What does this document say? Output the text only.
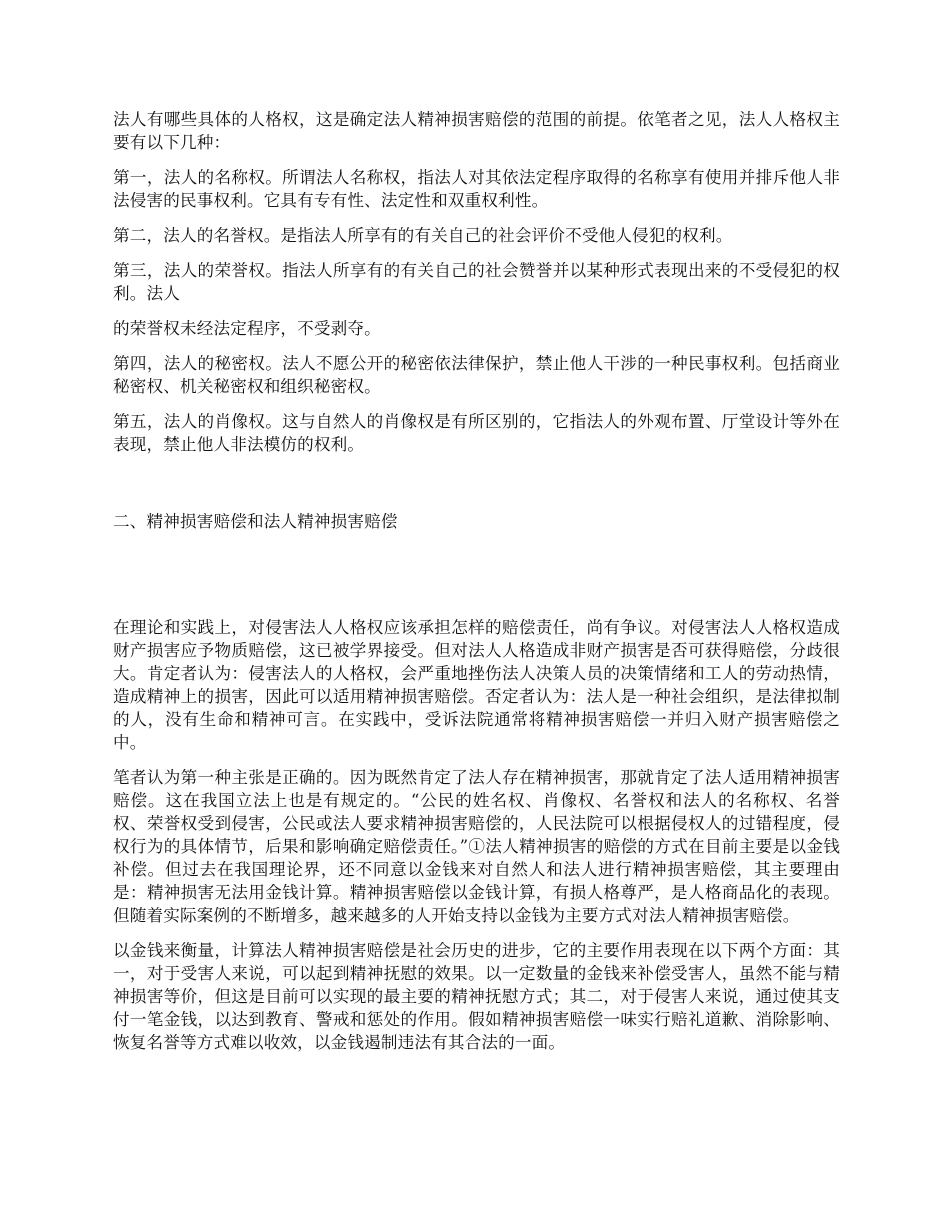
法人有哪些具体的人格权，这是确定法人精神损害赔偿的范围的前提。依笔者之见，法人人格权主要有以下几种：

第一，法人的名称权。所谓法人名称权，指法人对其依法定程序取得的名称享有使用并排斥他人非法侵害的民事权利。它具有专有性、法定性和双重权利性。

第二，法人的名誉权。是指法人所享有的有关自己的社会评价不受他人侵犯的权利。

第三，法人的荣誉权。指法人所享有的有关自己的社会赞誉并以某种形式表现出来的不受侵犯的权利。法人

的荣誉权未经法定程序，不受剥夺。

第四，法人的秘密权。法人不愿公开的秘密依法律保护，禁止他人干涉的一种民事权利。包括商业秘密权、机关秘密权和组织秘密权。

第五，法人的肖像权。这与自然人的肖像权是有所区别的，它指法人的外观布置、厅堂设计等外在表现，禁止他人非法模仿的权利。

二、精神损害赔偿和法人精神损害赔偿

在理论和实践上，对侵害法人人格权应该承担怎样的赔偿责任，尚有争议。对侵害法人人格权造成财产损害应予物质赔偿，这已被学界接受。但对法人人格造成非财产损害是否可获得赔偿，分歧很大。肯定者认为：侵害法人的人格权，会严重地挫伤法人决策人员的决策情绪和工人的劳动热情，造成精神上的损害，因此可以适用精神损害赔偿。否定者认为：法人是一种社会组织，是法律拟制的人，没有生命和精神可言。在实践中，受诉法院通常将精神损害赔偿一并归入财产损害赔偿之中。

笔者认为第一种主张是正确的。因为既然肯定了法人存在精神损害，那就肯定了法人适用精神损害赔偿。这在我国立法上也是有规定的。“公民的姓名权、肖像权、名誉权和法人的名称权、名誉权、荣誉权受到侵害，公民或法人要求精神损害赔偿的，人民法院可以根据侵权人的过错程度，侵权行为的具体情节，后果和影响确定赔偿责任。”①法人精神损害的赔偿的方式在目前主要是以金钱补偿。但过去在我国理论界，还不同意以金钱来对自然人和法人进行精神损害赔偿，其主要理由是：精神损害无法用金钱计算。精神损害赔偿以金钱计算，有损人格尊严，是人格商品化的表现。但随着实际案例的不断增多，越来越多的人开始支持以金钱为主要方式对法人精神损害赔偿。

以金钱来衡量，计算法人精神损害赔偿是社会历史的进步，它的主要作用表现在以下两个方面：其一，对于受害人来说，可以起到精神抚慰的效果。以一定数量的金钱来补偿受害人，虽然不能与精神损害等价，但这是目前可以实现的最主要的精神抚慰方式；其二，对于侵害人来说，通过使其支付一笔金钱，以达到教育、警戒和惩处的作用。假如精神损害赔偿一味实行赔礼道歉、消除影响、恢复名誉等方式难以收效，以金钱遏制违法有其合法的一面。
